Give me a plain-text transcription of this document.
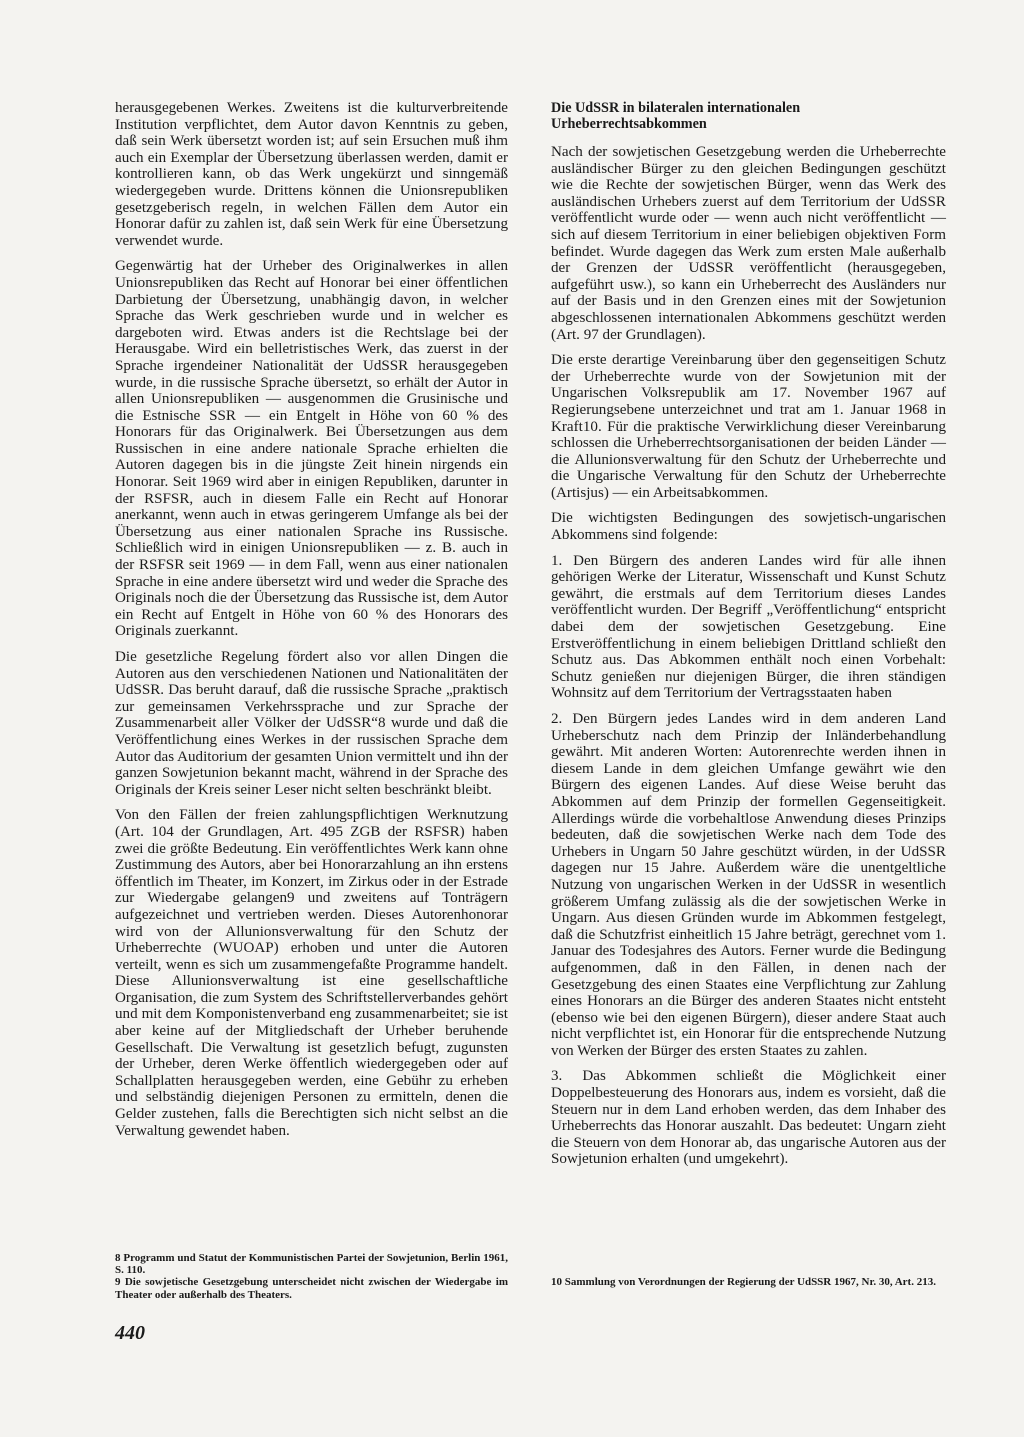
herausgegebenen Werkes. Zweitens ist die kulturverbreitende Institution verpflichtet, dem Autor davon Kenntnis zu geben, daß sein Werk übersetzt worden ist; auf sein Ersuchen muß ihm auch ein Exemplar der Übersetzung überlassen werden, damit er kontrollieren kann, ob das Werk ungekürzt und sinngemäß wiedergegeben wurde. Drittens können die Unionsrepubliken gesetzgeberisch regeln, in welchen Fällen dem Autor ein Honorar dafür zu zahlen ist, daß sein Werk für eine Übersetzung verwendet wurde.

Gegenwärtig hat der Urheber des Originalwerkes in allen Unionsrepubliken das Recht auf Honorar bei einer öffentlichen Darbietung der Übersetzung, unabhängig davon, in welcher Sprache das Werk geschrieben wurde und in welcher es dargeboten wird. Etwas anders ist die Rechtslage bei der Herausgabe. Wird ein belletristisches Werk, das zuerst in der Sprache irgendeiner Nationalität der UdSSR herausgegeben wurde, in die russische Sprache übersetzt, so erhält der Autor in allen Unionsrepubliken — ausgenommen die Grusinische und die Estnische SSR — ein Entgelt in Höhe von 60 % des Honorars für das Originalwerk. Bei Übersetzungen aus dem Russischen in eine andere nationale Sprache erhielten die Autoren dagegen bis in die jüngste Zeit hinein nirgends ein Honorar. Seit 1969 wird aber in einigen Republiken, darunter in der RSFSR, auch in diesem Falle ein Recht auf Honorar anerkannt, wenn auch in etwas geringerem Umfange als bei der Übersetzung aus einer nationalen Sprache ins Russische. Schließlich wird in einigen Unionsrepubliken — z. B. auch in der RSFSR seit 1969 — in dem Fall, wenn aus einer nationalen Sprache in eine andere übersetzt wird und weder die Sprache des Originals noch die der Übersetzung das Russische ist, dem Autor ein Recht auf Entgelt in Höhe von 60 % des Honorars des Originals zuerkannt.

Die gesetzliche Regelung fördert also vor allen Dingen die Autoren aus den verschiedenen Nationen und Nationalitäten der UdSSR. Das beruht darauf, daß die russische Sprache „praktisch zur gemeinsamen Verkehrssprache und zur Sprache der Zusammenarbeit aller Völker der UdSSR“8 wurde und daß die Veröffentlichung eines Werkes in der russischen Sprache dem Autor das Auditorium der gesamten Union vermittelt und ihn der ganzen Sowjetunion bekannt macht, während in der Sprache des Originals der Kreis seiner Leser nicht selten beschränkt bleibt.

Von den Fällen der freien zahlungspflichtigen Werknutzung (Art. 104 der Grundlagen, Art. 495 ZGB der RSFSR) haben zwei die größte Bedeutung. Ein veröffentlichtes Werk kann ohne Zustimmung des Autors, aber bei Honorarzahlung an ihn erstens öffentlich im Theater, im Konzert, im Zirkus oder in der Estrade zur Wiedergabe gelangen9 und zweitens auf Tonträgern aufgezeichnet und vertrieben werden. Dieses Autorenhonorar wird von der Allunionsverwaltung für den Schutz der Urheberrechte (WUOAP) erhoben und unter die Autoren verteilt, wenn es sich um zusammengefaßte Programme handelt. Diese Allunionsverwaltung ist eine gesellschaftliche Organisation, die zum System des Schriftstellerverbandes gehört und mit dem Komponistenverband eng zusammenarbeitet; sie ist aber keine auf der Mitgliedschaft der Urheber beruhende Gesellschaft. Die Verwaltung ist gesetzlich befugt, zugunsten der Urheber, deren Werke öffentlich wiedergegeben oder auf Schallplatten herausgegeben werden, eine Gebühr zu erheben und selbständig diejenigen Personen zu ermitteln, denen die Gelder zustehen, falls die Berechtigten sich nicht selbst an die Verwaltung gewendet haben.

8 Programm und Statut der Kommunistischen Partei der Sowjetunion, Berlin 1961, S. 110.

9 Die sowjetische Gesetzgebung unterscheidet nicht zwischen der Wiedergabe im Theater oder außerhalb des Theaters.

Die UdSSR in bilateralen internationalen Urheberrechtsabkommen

Nach der sowjetischen Gesetzgebung werden die Urheberrechte ausländischer Bürger zu den gleichen Bedingungen geschützt wie die Rechte der sowjetischen Bürger, wenn das Werk des ausländischen Urhebers zuerst auf dem Territorium der UdSSR veröffentlicht wurde oder — wenn auch nicht veröffentlicht — sich auf diesem Territorium in einer beliebigen objektiven Form befindet. Wurde dagegen das Werk zum ersten Male außerhalb der Grenzen der UdSSR veröffentlicht (herausgegeben, aufgeführt usw.), so kann ein Urheberrecht des Ausländers nur auf der Basis und in den Grenzen eines mit der Sowjetunion abgeschlossenen internationalen Abkommens geschützt werden (Art. 97 der Grundlagen).

Die erste derartige Vereinbarung über den gegenseitigen Schutz der Urheberrechte wurde von der Sowjetunion mit der Ungarischen Volksrepublik am 17. November 1967 auf Regierungsebene unterzeichnet und trat am 1. Januar 1968 in Kraft10. Für die praktische Verwirklichung dieser Vereinbarung schlossen die Urheberrechtsorganisationen der beiden Länder — die Allunionsverwaltung für den Schutz der Urheberrechte und die Ungarische Verwaltung für den Schutz der Urheberrechte (Artisjus) — ein Arbeitsabkommen.

Die wichtigsten Bedingungen des sowjetisch-ungarischen Abkommens sind folgende:

1. Den Bürgern des anderen Landes wird für alle ihnen gehörigen Werke der Literatur, Wissenschaft und Kunst Schutz gewährt, die erstmals auf dem Territorium dieses Landes veröffentlicht wurden. Der Begriff „Veröffentlichung“ entspricht dabei dem der sowjetischen Gesetzgebung. Eine Erstveröffentlichung in einem beliebigen Drittland schließt den Schutz aus. Das Abkommen enthält noch einen Vorbehalt: Schutz genießen nur diejenigen Bürger, die ihren ständigen Wohnsitz auf dem Territorium der Vertragsstaaten haben

2. Den Bürgern jedes Landes wird in dem anderen Land Urheberschutz nach dem Prinzip der Inländerbehandlung gewährt. Mit anderen Worten: Autorenrechte werden ihnen in diesem Lande in dem gleichen Umfange gewährt wie den Bürgern des eigenen Landes. Auf diese Weise beruht das Abkommen auf dem Prinzip der formellen Gegenseitigkeit. Allerdings würde die vorbehaltlose Anwendung dieses Prinzips bedeuten, daß die sowjetischen Werke nach dem Tode des Urhebers in Ungarn 50 Jahre geschützt würden, in der UdSSR dagegen nur 15 Jahre. Außerdem wäre die unentgeltliche Nutzung von ungarischen Werken in der UdSSR in wesentlich größerem Umfang zulässig als die der sowjetischen Werke in Ungarn. Aus diesen Gründen wurde im Abkommen festgelegt, daß die Schutzfrist einheitlich 15 Jahre beträgt, gerechnet vom 1. Januar des Todesjahres des Autors. Ferner wurde die Bedingung aufgenommen, daß in den Fällen, in denen nach der Gesetzgebung des einen Staates eine Verpflichtung zur Zahlung eines Honorars an die Bürger des anderen Staates nicht entsteht (ebenso wie bei den eigenen Bürgern), dieser andere Staat auch nicht verpflichtet ist, ein Honorar für die entsprechende Nutzung von Werken der Bürger des ersten Staates zu zahlen.

3. Das Abkommen schließt die Möglichkeit einer Doppelbesteuerung des Honorars aus, indem es vorsieht, daß die Steuern nur in dem Land erhoben werden, das dem Inhaber des Urheberrechts das Honorar auszahlt. Das bedeutet: Ungarn zieht die Steuern von dem Honorar ab, das ungarische Autoren aus der Sowjetunion erhalten (und umgekehrt).

10 Sammlung von Verordnungen der Regierung der UdSSR 1967, Nr. 30, Art. 213.

440
